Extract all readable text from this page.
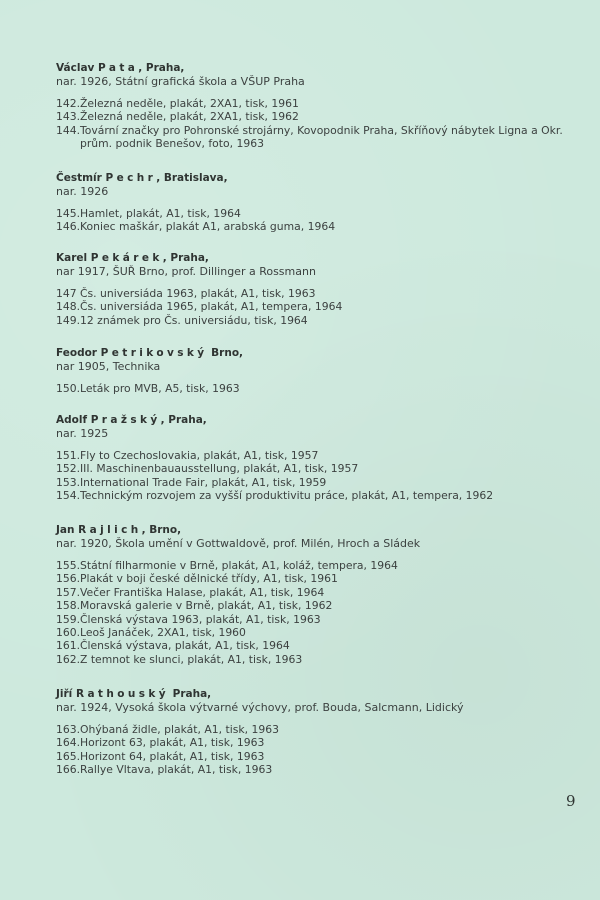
Václav Pata, Praha,
nar. 1926, Státní grafická škola a VŠUP Praha
142. Železná neděle, plakát, 2XA1, tisk, 1961
143. Železná neděle, plakát, 2XA1, tisk, 1962
144. Tovární značky pro Pohronské strojárny, Kovopodnik Praha, Skříňový nábytek Ligna a Okr. prům. podnik Benešov, foto, 1963
Čestmír Pechr, Bratislava,
nar. 1926
145. Hamlet, plakát, A1, tisk, 1964
146. Koniec maškár, plakát A1, arabská guma, 1964
Karel Pekárek, Praha,
nar 1917, ŠUŘ Brno, prof. Dillinger a Rossmann
147 Čs. universiáda 1963, plakát, A1, tisk, 1963
148. Čs. universiáda 1965, plakát, A1, tempera, 1964
149. 12 známek pro Čs. universiádu, tisk, 1964
Feodor Petrikovský Brno,
nar 1905, Technika
150. Leták pro MVB, A5, tisk, 1963
Adolf Pražský, Praha,
nar. 1925
151. Fly to Czechoslovakia, plakát, A1, tisk, 1957
152. III. Maschinenbauausstellung, plakát, A1, tisk, 1957
153. International Trade Fair, plakát, A1, tisk, 1959
154. Technickým rozvojem za vyšší produktivitu práce, plakát, A1, tempera, 1962
Jan Rajlich, Brno,
nar. 1920, Škola umění v Gottwaldově, prof. Milén, Hroch a Sládek
155. Státní filharmonie v Brně, plakát, A1, koláž, tempera, 1964
156. Plakát v boji české dělnické třídy, A1, tisk, 1961
157. Večer Františka Halase, plakát, A1, tisk, 1964
158. Moravská galerie v Brně, plakát, A1, tisk, 1962
159. Členská výstava 1963, plakát, A1, tisk, 1963
160. Leoš Janáček, 2XA1, tisk, 1960
161. Členská výstava, plakát, A1, tisk, 1964
162. Z temnot ke slunci, plakát, A1, tisk, 1963
Jiří Rathouský Praha,
nar. 1924, Vysoká škola výtvarné výchovy, prof. Bouda, Salcmann, Lidický
163. Ohýbaná židle, plakát, A1, tisk, 1963
164. Horizont 63, plakát, A1, tisk, 1963
165. Horizont 64, plakát, A1, tisk, 1963
166. Rallye Vltava, plakát, A1, tisk, 1963
9
